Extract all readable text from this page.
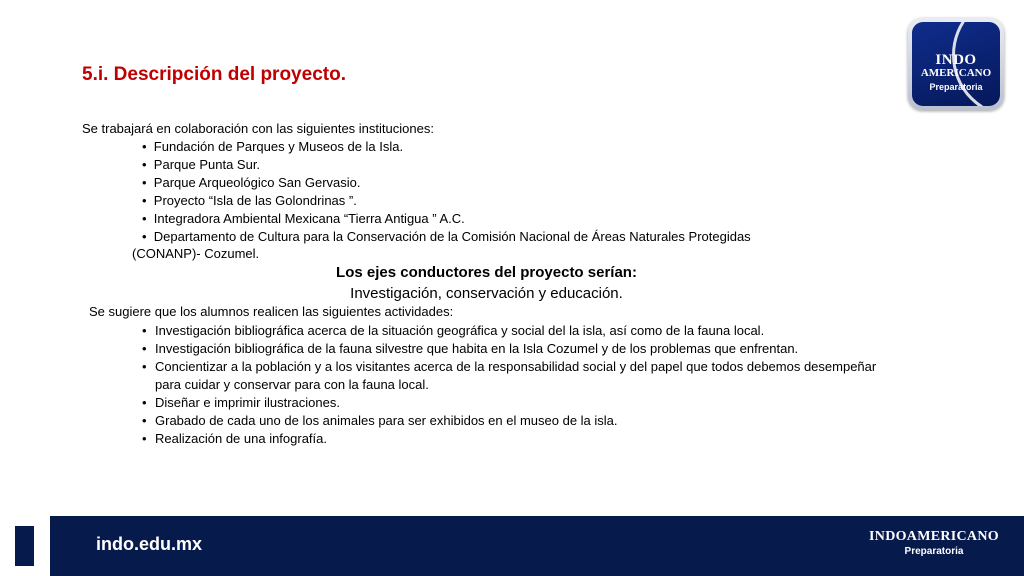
5.i. Descripción del proyecto.
Se trabajará en colaboración con las siguientes instituciones:
• Fundación de Parques y Museos de la Isla.
• Parque Punta Sur.
• Parque Arqueológico San Gervasio.
• Proyecto “Isla de las Golondrinas ”.
• Integradora Ambiental Mexicana “Tierra Antigua ” A.C.
• Departamento de Cultura para la Conservación de la Comisión Nacional de Áreas Naturales Protegidas
(CONANP)- Cozumel.
Los ejes conductores del proyecto serían:
Investigación, conservación y educación.
Se sugiere que los alumnos realicen las siguientes actividades:
• Investigación bibliográfica acerca de la situación geográfica y social del la isla, así como de la fauna local.
• Investigación bibliográfica de la fauna silvestre que habita en la Isla Cozumel y de los problemas que enfrentan.
• Concientizar a la población y a los visitantes acerca de la responsabilidad social y del papel que todos debemos desempeñar para cuidar y conservar para con la fauna local.
• Diseñar e imprimir ilustraciones.
• Grabado de cada uno de los animales para ser exhibidos en el museo de la isla.
• Realización de una infografía.
INDO
AMERICANO
Preparatoria
indo.edu.mx	INDOAMERICANO
Preparatoria
